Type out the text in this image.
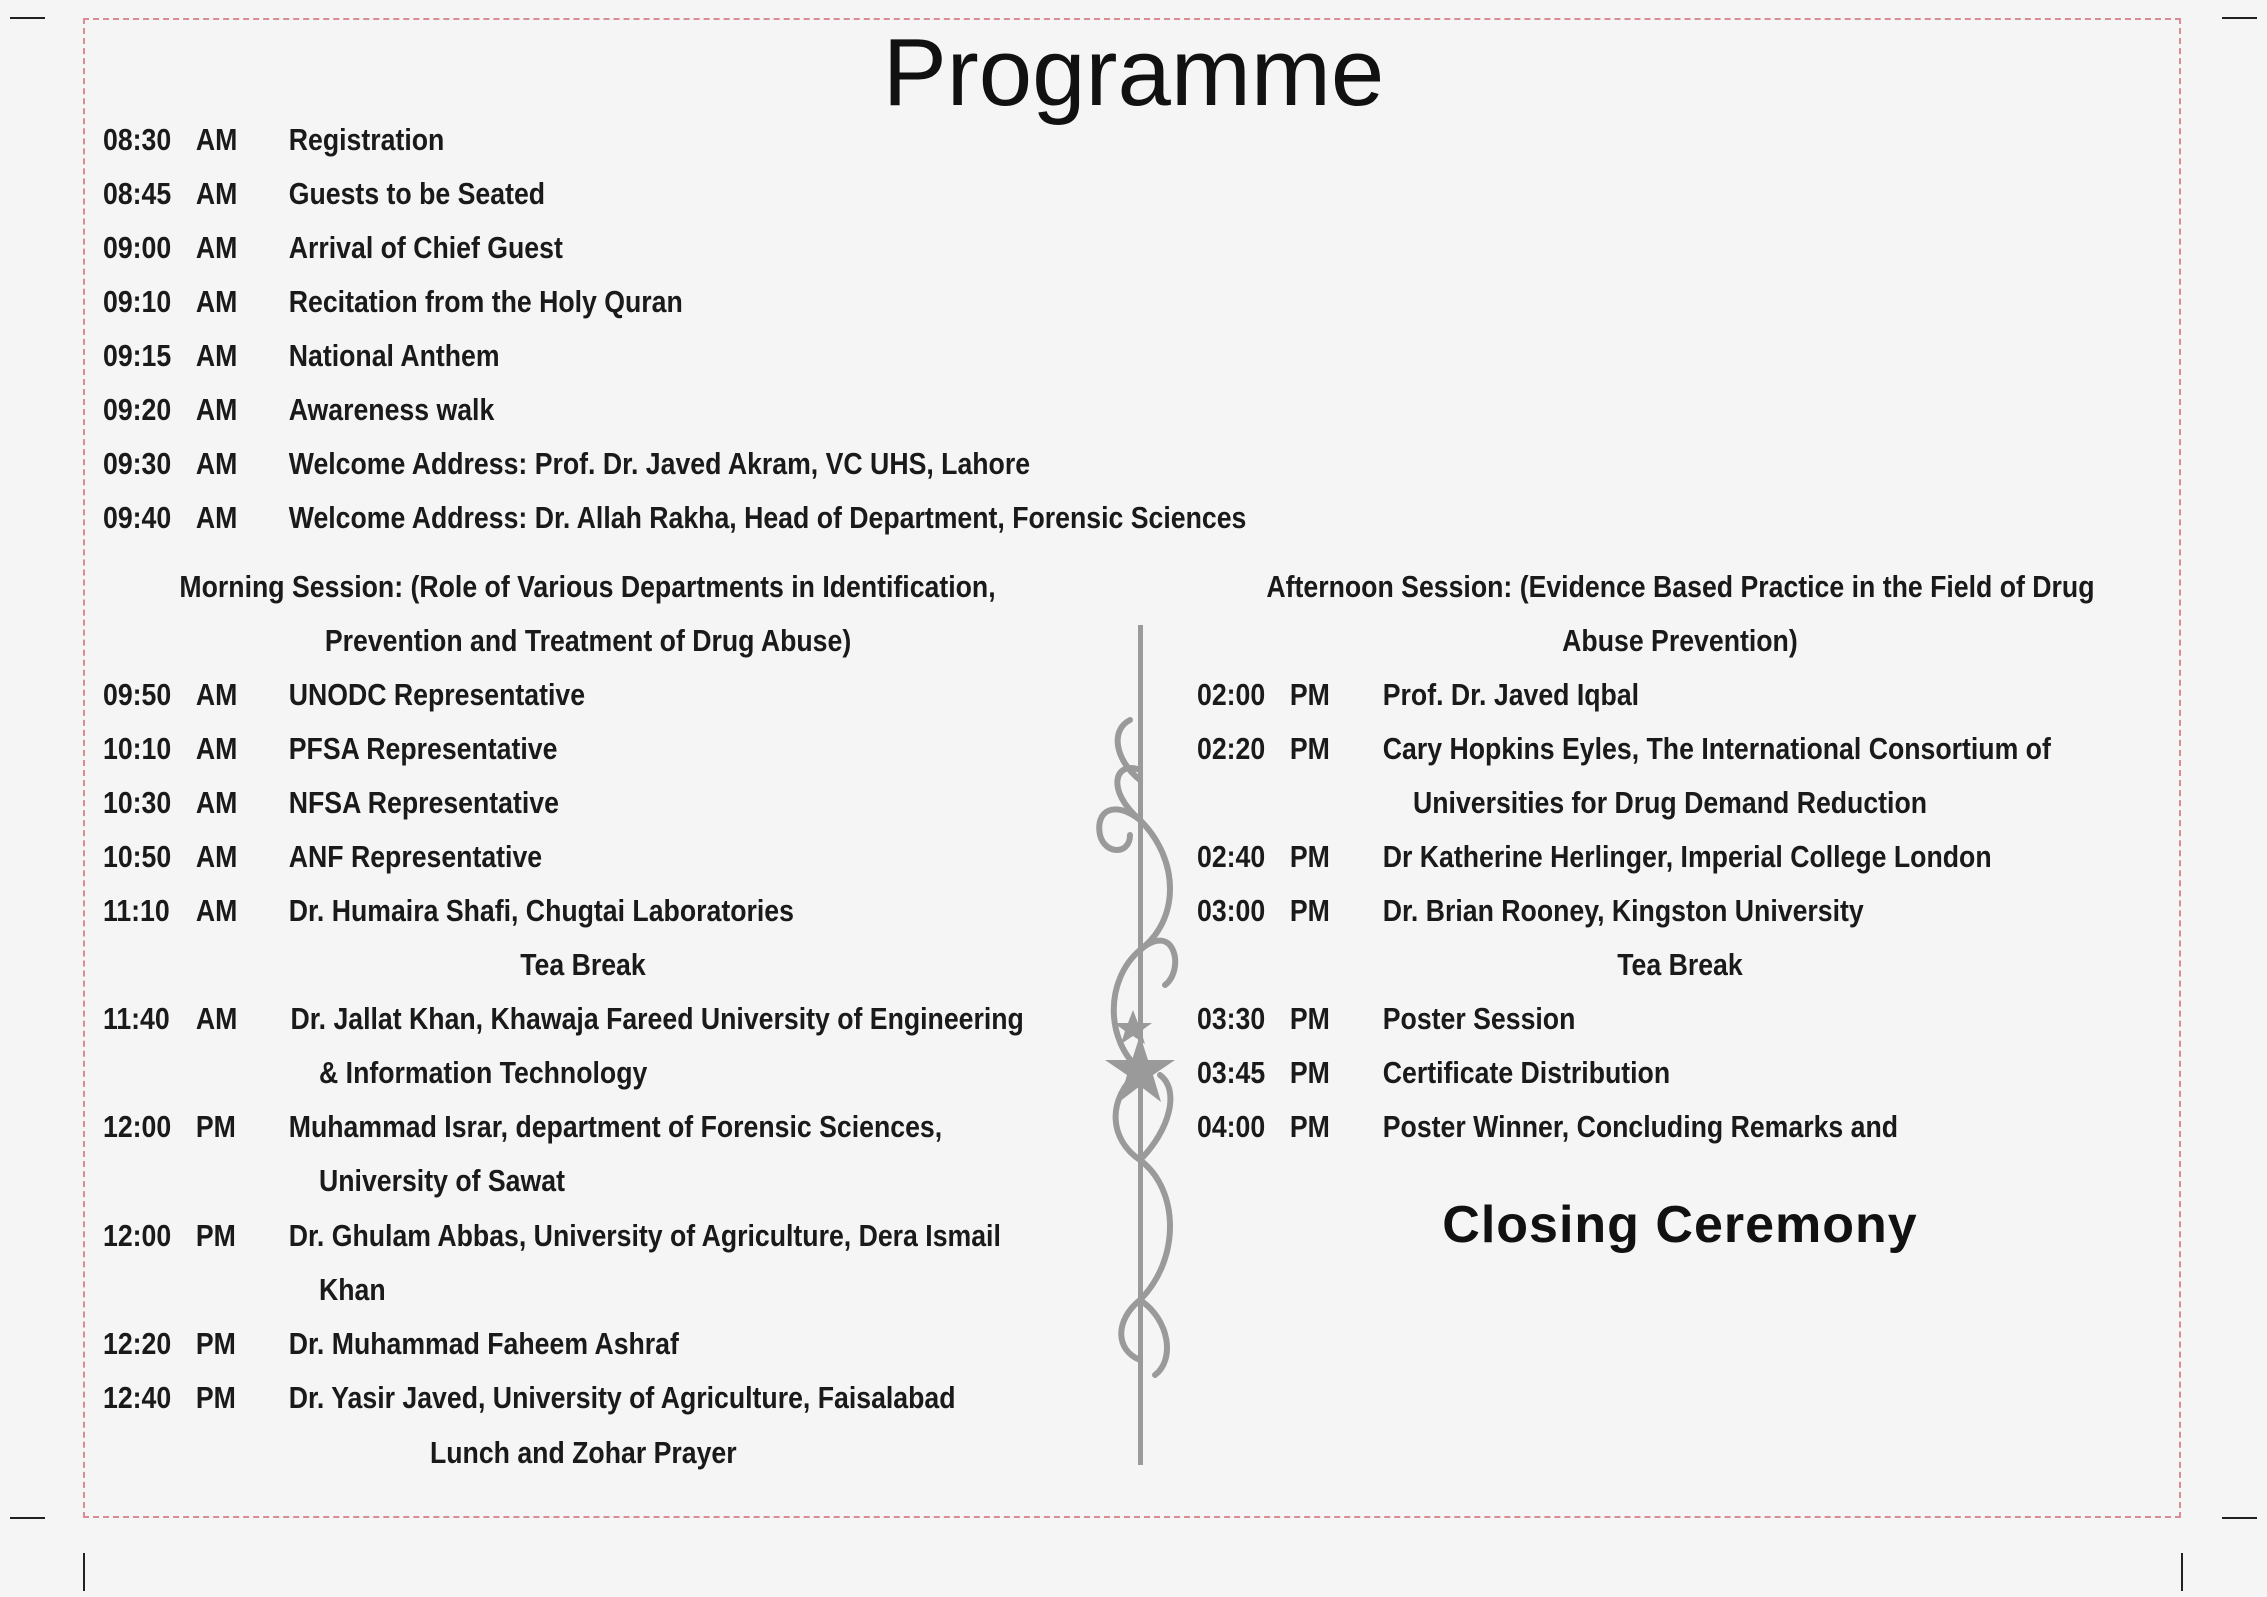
Programme
08:30 AM Registration
08:45 AM Guests to be Seated
09:00 AM Arrival of Chief Guest
09:10 AM Recitation from the Holy Quran
09:15 AM National Anthem
09:20 AM Awareness walk
09:30 AM Welcome Address: Prof. Dr. Javed Akram, VC UHS, Lahore
09:40 AM Welcome Address: Dr. Allah Rakha, Head of Department, Forensic Sciences
Morning Session: (Role of Various Departments in Identification,
Prevention and Treatment of Drug Abuse)
09:50 AM UNODC Representative
10:10 AM PFSA Representative
10:30 AM NFSA Representative
10:50 AM ANF Representative
11:10 AM Dr. Humaira Shafi, Chugtai Laboratories
Tea Break
11:40 AM Dr. Jallat Khan, Khawaja Fareed University of Engineering
& Information Technology
12:00 PM Muhammad Israr, department of Forensic Sciences,
University of Sawat
12:00 PM Dr. Ghulam Abbas, University of Agriculture, Dera Ismail
Khan
12:20 PM Dr. Muhammad Faheem Ashraf
12:40 PM Dr. Yasir Javed, University of Agriculture, Faisalabad
Lunch and Zohar Prayer
Afternoon Session: (Evidence Based Practice in the Field of Drug
Abuse Prevention)
02:00 PM Prof. Dr. Javed Iqbal
02:20 PM Cary Hopkins Eyles, The International Consortium of
Universities for Drug Demand Reduction
02:40 PM Dr Katherine Herlinger, Imperial College London
03:00 PM Dr. Brian Rooney, Kingston University
Tea Break
03:30 PM Poster Session
03:45 PM Certificate Distribution
04:00 PM Poster Winner, Concluding Remarks and
Closing Ceremony
